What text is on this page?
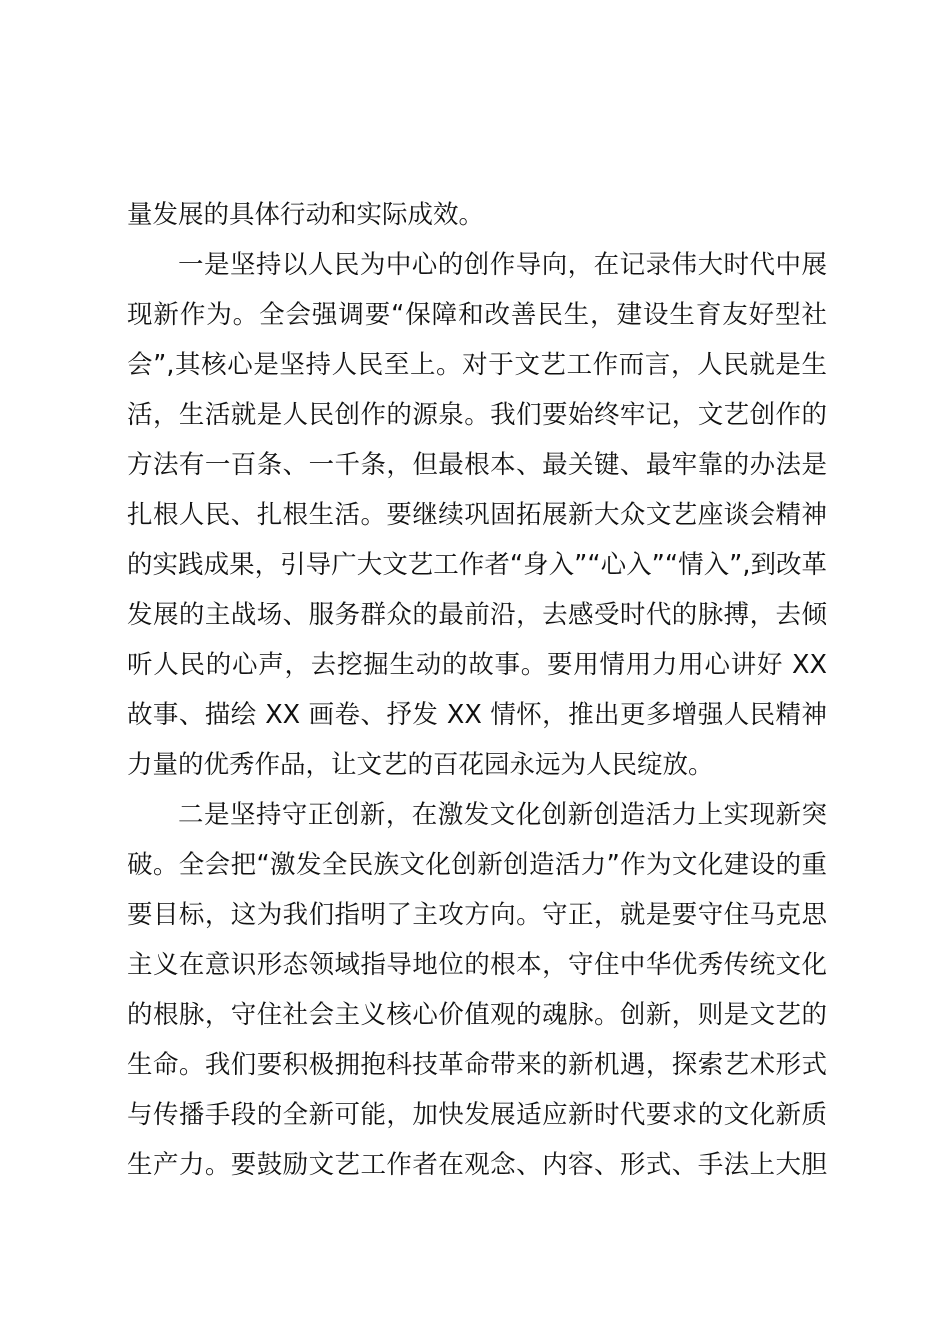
量发展的具体行动和实际成效。
一是坚持以人民为中心的创作导向，在记录伟大时代中展
现新作为。全会强调要“保障和改善民生，建设生育友好型社
会”,其核心是坚持人民至上。对于文艺工作而言，人民就是生
活，生活就是人民创作的源泉。我们要始终牢记，文艺创作的
方法有一百条、一千条，但最根本、最关键、最牢靠的办法是
扎根人民、扎根生活。要继续巩固拓展新大众文艺座谈会精神
的实践成果，引导广大文艺工作者“身入”“心入”“情入”,到改革
发展的主战场、服务群众的最前沿，去感受时代的脉搏，去倾
听人民的心声，去挖掘生动的故事。要用情用力用心讲好 XX
故事、描绘 XX 画卷、抒发 XX 情怀，推出更多增强人民精神
力量的优秀作品，让文艺的百花园永远为人民绽放。
二是坚持守正创新，在激发文化创新创造活力上实现新突
破。全会把“激发全民族文化创新创造活力”作为文化建设的重
要目标，这为我们指明了主攻方向。守正，就是要守住马克思
主义在意识形态领域指导地位的根本，守住中华优秀传统文化
的根脉，守住社会主义核心价值观的魂脉。创新，则是文艺的
生命。我们要积极拥抱科技革命带来的新机遇，探索艺术形式
与传播手段的全新可能，加快发展适应新时代要求的文化新质
生产力。要鼓励文艺工作者在观念、内容、形式、手法上大胆
